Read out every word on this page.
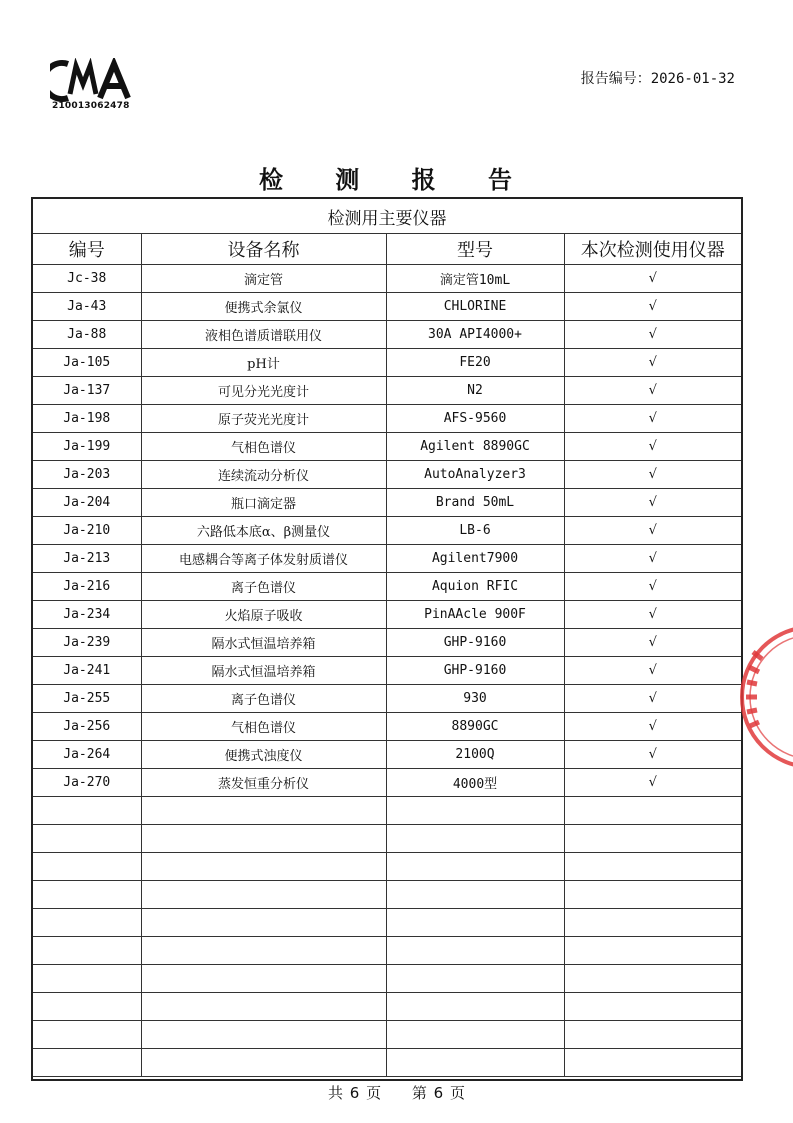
210013062478
报告编号：2026-01-32
检 测 报 告
检测用主要仪器			
编号	设备名称	型号	本次检测使用仪器
Jc-38	滴定管	滴定管10mL	√
Ja-43	便携式余氯仪	CHLORINE	√
Ja-88	液相色谱质谱联用仪	30A API4000+	√
Ja-105	pH计	FE20	√
Ja-137	可见分光光度计	N2	√
Ja-198	原子荧光光度计	AFS-9560	√
Ja-199	气相色谱仪	Agilent 8890GC	√
Ja-203	连续流动分析仪	AutoAnalyzer3	√
Ja-204	瓶口滴定器	Brand 50mL	√
Ja-210	六路低本底α、β测量仪	LB-6	√
Ja-213	电感耦合等离子体发射质谱仪	Agilent7900	√
Ja-216	离子色谱仪	Aquion RFIC	√
Ja-234	火焰原子吸收	PinAAcle 900F	√
Ja-239	隔水式恒温培养箱	GHP-9160	√
Ja-241	隔水式恒温培养箱	GHP-9160	√
Ja-255	离子色谱仪	930	√
Ja-256	气相色谱仪	8890GC	√
Ja-264	便携式浊度仪	2100Q	√
Ja-270	蒸发恒重分析仪	4000型	√

共 6 页 第 6 页
